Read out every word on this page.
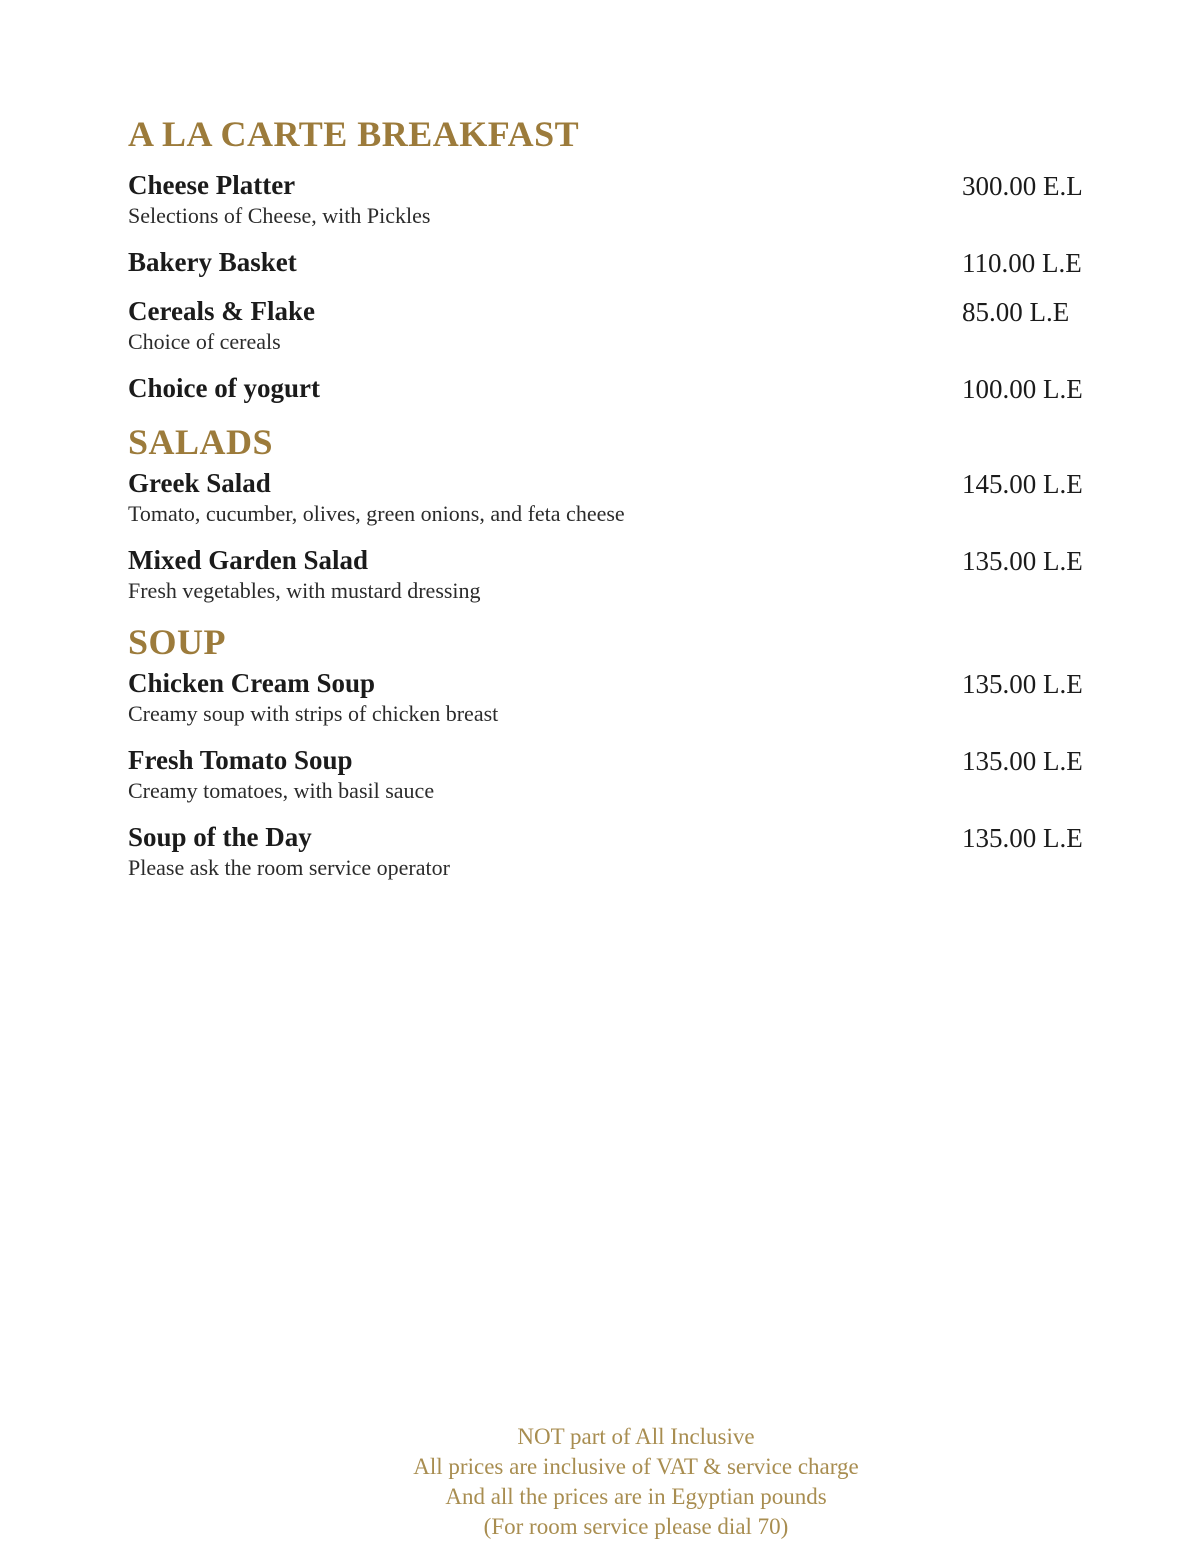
A LA CARTE BREAKFAST
Cheese Platter
Selections of Cheese, with Pickles
300.00 E.L
Bakery Basket	110.00 L.E
Cereals & Flake
Choice of cereals
85.00 L.E
Choice of yogurt	100.00 L.E
SALADS
Greek Salad
Tomato, cucumber, olives, green onions, and feta cheese
145.00 L.E
Mixed Garden Salad
Fresh vegetables, with mustard dressing
135.00 L.E
SOUP
Chicken Cream Soup
Creamy soup with strips of chicken breast
135.00 L.E
Fresh Tomato Soup
Creamy tomatoes, with basil sauce
135.00 L.E
Soup of the Day
Please ask the room service operator
135.00 L.E
NOT part of All Inclusive
All prices are inclusive of VAT & service charge
And all the prices are in Egyptian pounds
(For room service please dial 70)
